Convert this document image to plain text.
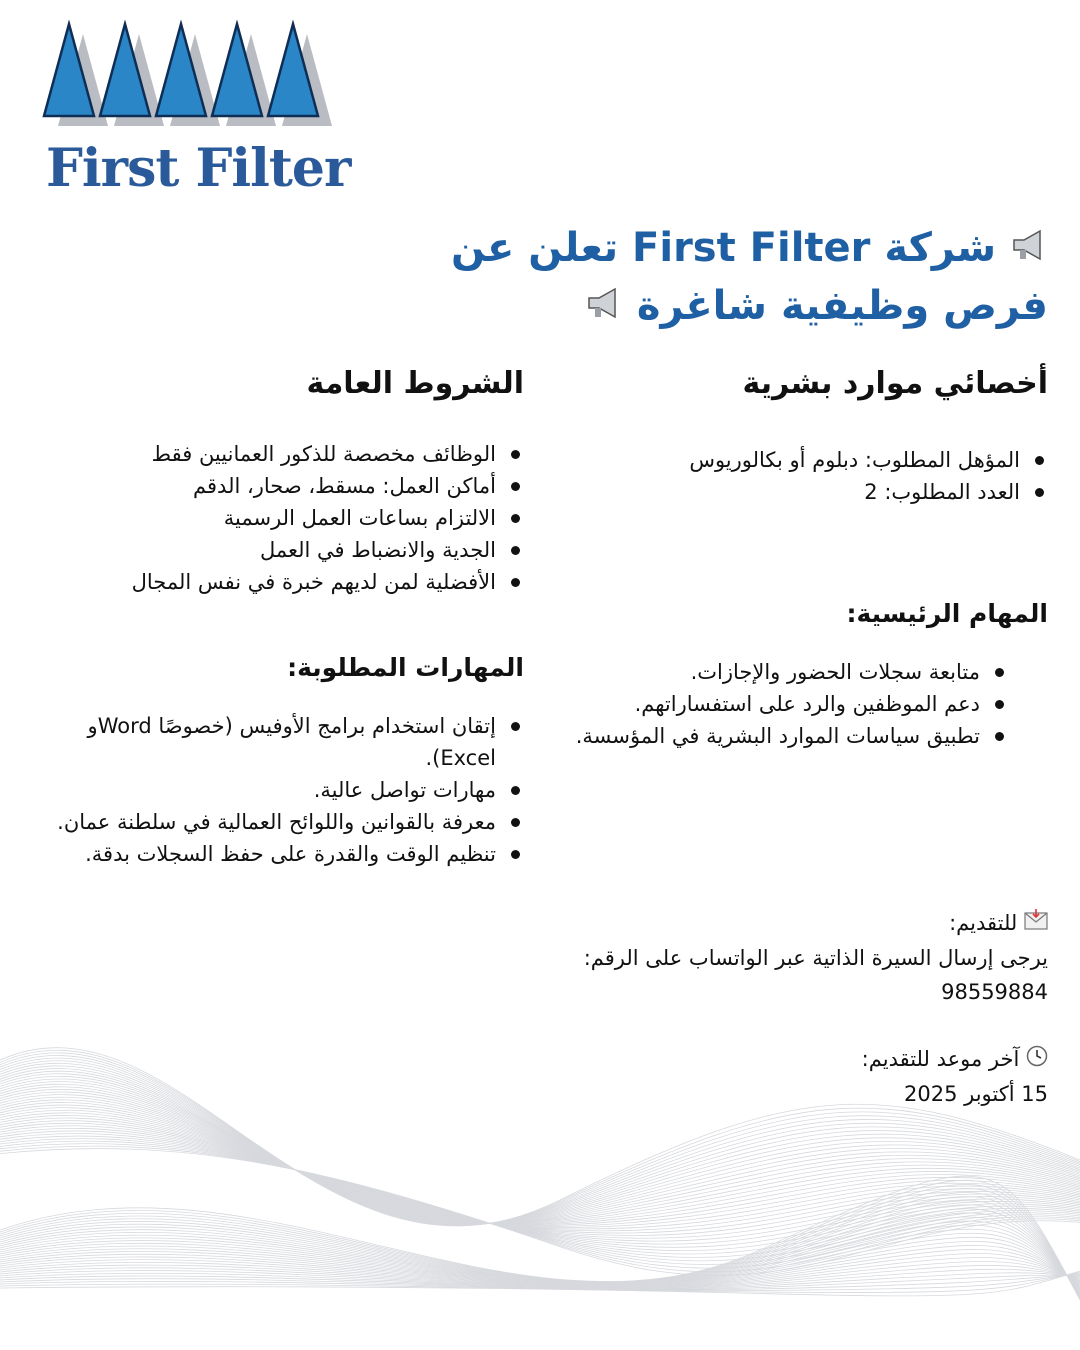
First Filter
شركة First Filter تعلن عن
فرص وظيفية شاغرة
أخصائي موارد بشرية
المؤهل المطلوب: دبلوم أو بكالوريوس
العدد المطلوب: 2
المهام الرئيسية:
متابعة سجلات الحضور والإجازات.
دعم الموظفين والرد على استفساراتهم.
تطبيق سياسات الموارد البشرية في المؤسسة.
الشروط العامة
الوظائف مخصصة للذكور العمانيين فقط
أماكن العمل: مسقط، صحار، الدقم
الالتزام بساعات العمل الرسمية
الجدية والانضباط في العمل
الأفضلية لمن لديهم خبرة في نفس المجال
المهارات المطلوبة:
إتقان استخدام برامج الأوفيس (خصوصًا Wordو Excel).
مهارات تواصل عالية.
معرفة بالقوانين واللوائح العمالية في سلطنة عمان.
تنظيم الوقت والقدرة على حفظ السجلات بدقة.
للتقديم:
يرجى إرسال السيرة الذاتية عبر الواتساب على الرقم: 98559884
آخر موعد للتقديم:
15 أكتوبر 2025
